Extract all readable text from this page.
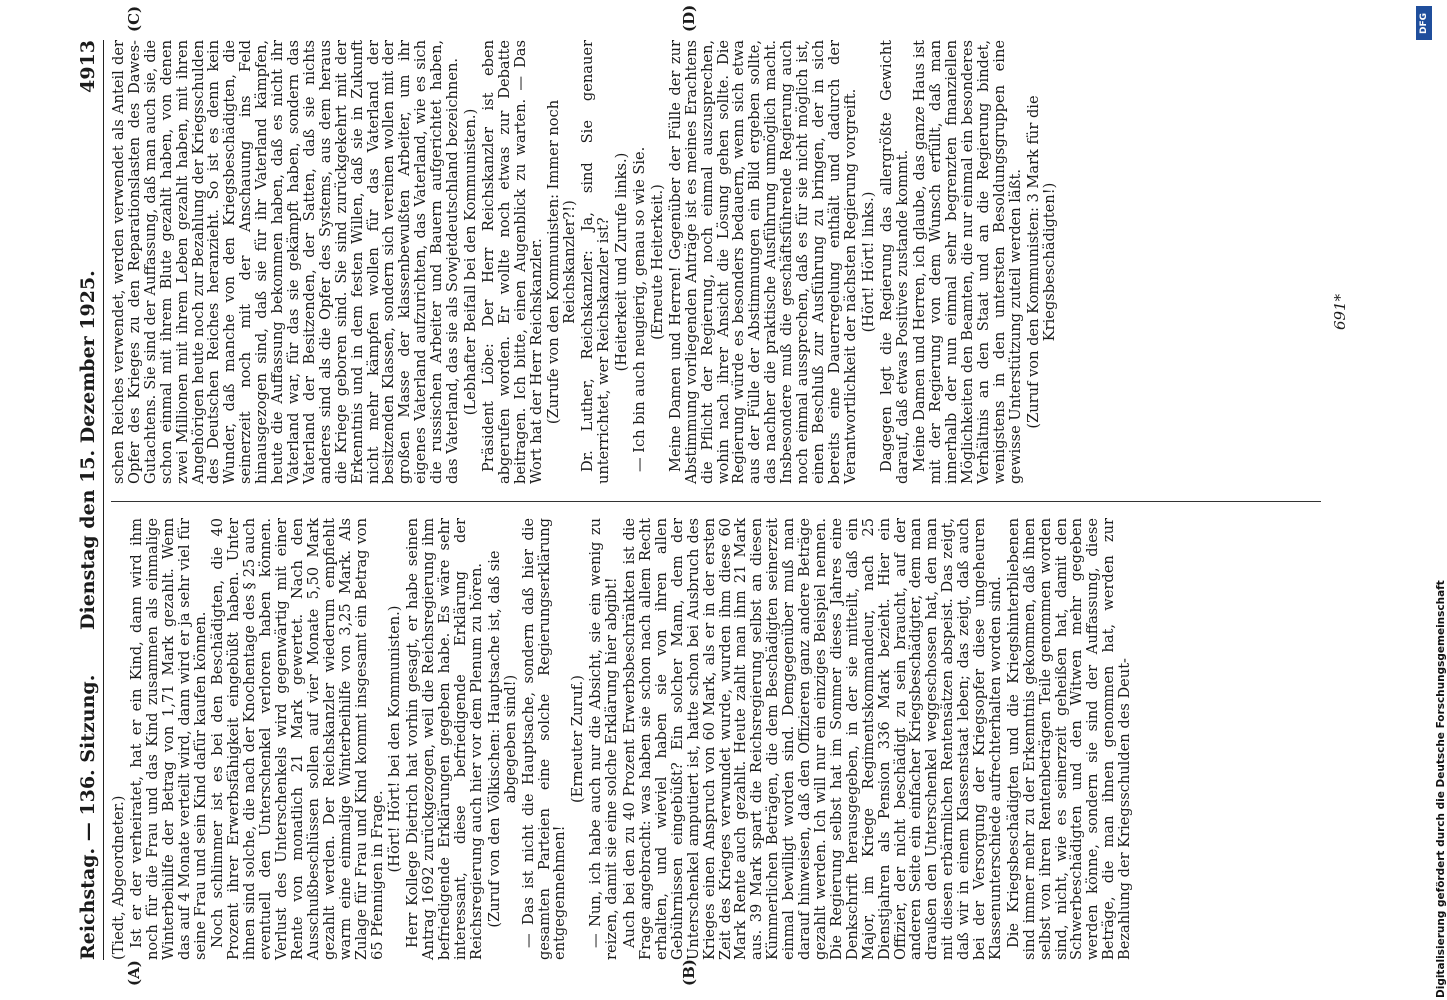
Reichstag. — 136. Sitzung.
Dienstag den 15. Dezember 1925.
4913
(A)	(B)
(C)	(D)

(Tiedt, Abgeordneter.) Ist er der verheiratet, hat er ein Kind, dann wird ihm noch für die Frau und das Kind zusammen als einmalige Winterbeihilfe der Betrag von 1,71 Mark gezahlt. Wenn das auf 4 Monate verteilt wird, dann wird er ja sehr viel für seine Frau und sein Kind dafür kaufen können. Noch schlimmer ist es bei den Beschädigten, die 40 Prozent ihrer Erwerbsfähigkeit eingebüßt haben. Unter ihnen sind solche, die nach der Knochentage des § 25 auch eventuell den Unterschenkel verloren haben können. Verlust des Unterschenkels wird gegenwärtig mit einer Rente von monatlich 21 Mark gewertet. Nach den Ausschußbeschlüssen sollen auf vier Monate 5,50 Mark gezahlt werden. Der Reichskanzler wiederum empfiehlt warm eine einmalige Winterbeihilfe von 3,25 Mark. Als Zulage für Frau und Kind kommt insgesamt ein Betrag von 65 Pfennigen in Frage.

(Hört! Hört! bei den Kommunisten.) Herr Kollege Dietrich hat vorhin gesagt, er habe seinen Antrag 1692 zurückgezogen, weil die Reichsregierung ihm befriedigende Erklärungen gegeben habe. Es wäre sehr interessant, diese befriedigende Erklärung der Reichsregierung auch hier vor dem Plenum zu hören. (Zuruf von den Völkischen: Hauptsache ist, daß sie abgegeben sind!) — Das ist nicht die Hauptsache, sondern daß hier die gesamten Parteien eine solche Regierungserklärung entgegennehmen!

(Erneuter Zuruf.) — Nun, ich habe auch nur die Absicht, sie ein wenig zu reizen, damit sie eine solche Erklärung hier abgibt! Auch bei den zu 40 Prozent Erwerbsbeschränkten ist die Frage angebracht: was haben sie schon nach allem Recht erhalten, und wieviel haben sie von ihren allen Gebührnissen eingebüßt? Ein solcher Mann, dem der Unterschenkel amputiert ist, hatte schon bei Ausbruch des Krieges einen Anspruch von 60 Mark, als er in der ersten Zeit des Krieges verwundet wurde, wurden ihm diese 60 Mark Rente auch gezahlt. Heute zahlt man ihm 21 Mark aus. 39 Mark spart die Reichsregierung selbst an diesen Kümmerlichen Beträgen, die dem Beschädigten seinerzeit einmal bewilligt worden sind. Demgegenüber muß man darauf hinweisen, daß den Offizieren ganz andere Beträge gezahlt werden. Ich will nur ein einziges Beispiel nennen. Die Regierung selbst hat im Sommer dieses Jahres eine Denkschrift herausgegeben, in der sie mitteilt, daß ein Major, im Kriege Regimentskommandeur, nach 25 Dienstjahren als Pension 336 Mark bezieht. Hier ein Offizier, der nicht beschädigt zu sein braucht, auf der anderen Seite ein einfacher Kriegsbeschädigter, dem man draußen den Unterschenkel weggeschossen hat, den man mit diesen erbärmlichen Rentensätzen abspeist. Das zeigt, daß wir in einem Klassenstaat leben; das zeigt, daß auch bei der Versorgung der Kriegsopfer diese ungeheuren Klassenunterschiede aufrechterhalten worden sind. Die Kriegsbeschädigten und die Kriegshinterbliebenen sind immer mehr zu der Erkenntnis gekommen, daß ihnen selbst von ihren Rentenbeträgen Teile genommen worden sind, nicht, wie es seinerzeit geheißen hat, damit den Schwerbeschädigten und den Witwen mehr gegeben werden könne, sondern sie sind der Auffassung, diese Beträge, die man ihnen genommen hat, werden zur Bezahlung der Kriegsschulden des Deut-

schen Reiches verwendet, werden verwendet als Anteil der Opfer des Krieges zu den Reparationslasten des Dawes-Gutachtens. Sie sind der Auffassung, daß man auch sie, die schon einmal mit ihrem Blute gezahlt haben, von denen zwei Millionen mit ihrem Leben gezahlt haben, mit ihren Angehörigen heute noch zur Bezahlung der Kriegsschulden des Deutschen Reiches heranzieht. So ist es denn kein Wunder, daß manche von den Kriegsbeschädigten, die seinerzeit noch mit der Anschauung ins Feld hinausgezogen sind, daß sie für ihr Vaterland kämpfen, heute die Auffassung bekommen haben, daß es nicht ihr Vaterland war, für das sie gekämpft haben, sondern das Vaterland der Besitzenden, der Satten, daß sie nichts anderes sind als die Opfer des Systems, aus dem heraus die Kriege geboren sind. Sie sind zurückgekehrt mit der Erkenntnis und in dem festen Willen, daß sie in Zukunft nicht mehr kämpfen wollen für das Vaterland der besitzenden Klassen, sondern sich vereinen wollen mit der großen Masse der klassenbewußten Arbeiter, um ihr eigenes Vaterland aufzurichten, das Vaterland, wie es sich die russischen Arbeiter und Bauern aufgerichtet haben, das Vaterland, das sie als Sowjetdeutschland bezeichnen. (Lebhafter Beifall bei den Kommunisten.) Präsident Löbe: Der Herr Reichskanzler ist eben abgerufen worden. Er wollte noch etwas zur Debatte beitragen. Ich bitte, einen Augenblick zu warten. — Das Wort hat der Herr Reichskanzler. (Zurufe von den Kommunisten: Immer noch Reichskanzler?!) Dr. Luther, Reichskanzler: Ja, sind Sie genauer unterrichtet, wer Reichskanzler ist? (Heiterkeit und Zurufe links.) — Ich bin auch neugierig, genau so wie Sie. (Erneute Heiterkeit.) Meine Damen und Herren! Gegenüber der Fülle der zur Abstimmung vorliegenden Anträge ist es meines Erachtens die Pflicht der Regierung, noch einmal auszusprechen, wohin nach ihrer Ansicht die Lösung gehen sollte. Die Regierung würde es besonders bedauern, wenn sich etwa aus der Fülle der Abstimmungen ein Bild ergeben sollte, das nachher die praktische Ausführung unmöglich macht. Insbesondere muß die geschäftsführende Regierung auch noch einmal aussprechen, daß es für sie nicht möglich ist, einen Beschluß zur Ausführung zu bringen, der in sich bereits eine Dauerregelung enthält und dadurch der Verantwortlichkeit der nächsten Regierung vorgreift. (Hört! Hört! links.) Dagegen legt die Regierung das allergrößte Gewicht darauf, daß etwas Positives zustande kommt. Meine Damen und Herren, ich glaube, das ganze Haus ist mit der Regierung von dem Wunsch erfüllt, daß man innerhalb der nun einmal sehr begrenzten finanziellen Möglichkeiten den Beamten, die nur einmal ein besonderes Verhältnis an den Staat und an die Regierung bindet, wenigstens in den untersten Besoldungsgruppen eine gewisse Unterstützung zuteil werden läßt. (Zuruf von den Kommunisten: 3 Mark für die Kriegsbeschädigten!)	691*
DFG
Digitalisierung gefördert durch die Deutsche Forschungsgemeinschaft
